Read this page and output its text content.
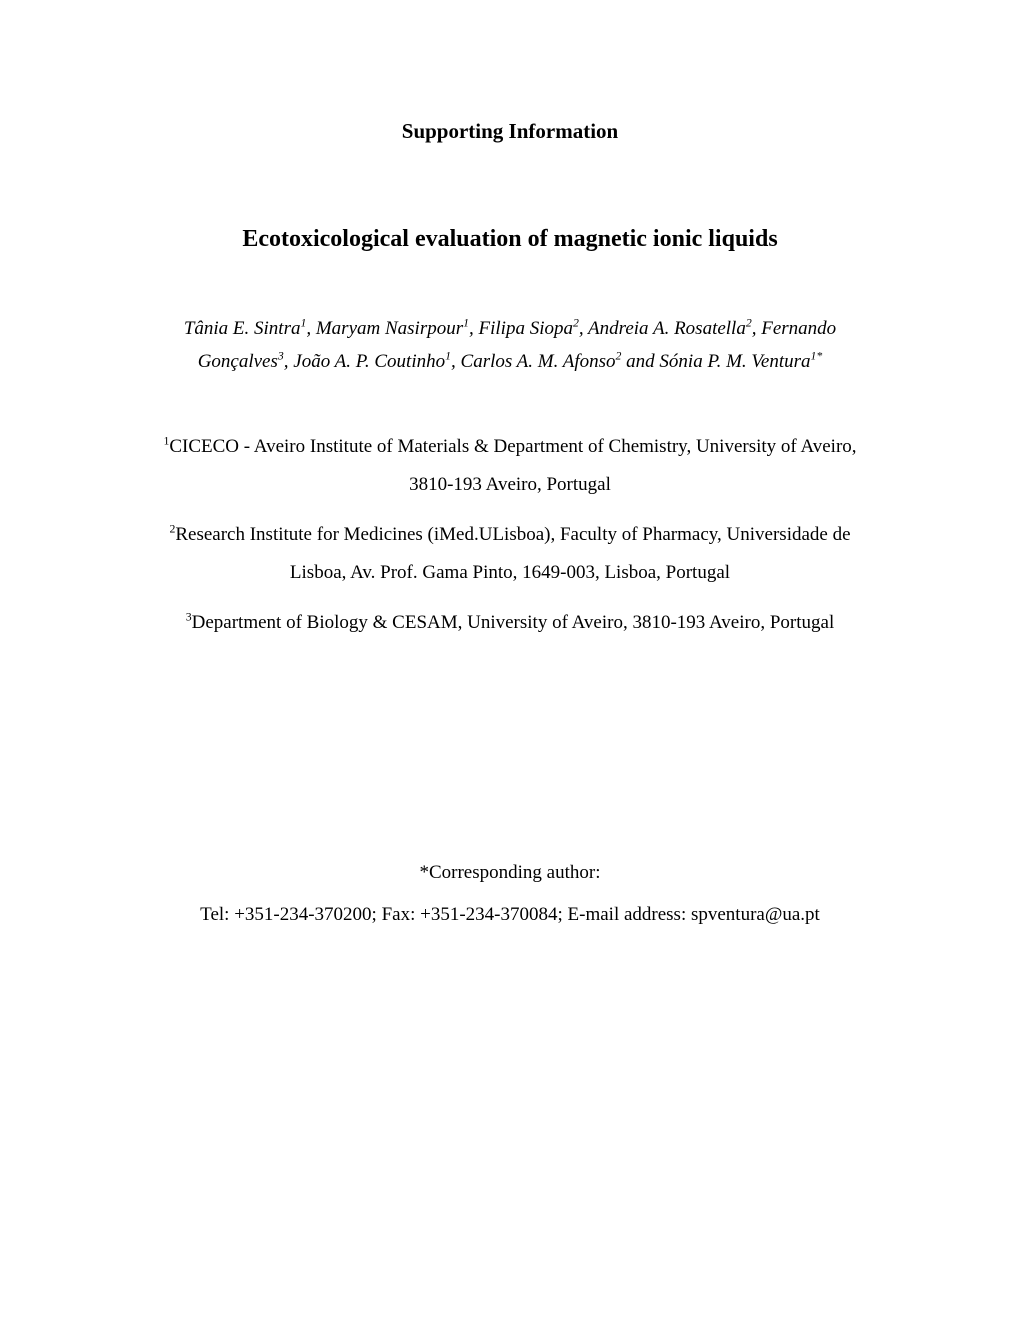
Supporting Information
Ecotoxicological evaluation of magnetic ionic liquids
Tânia E. Sintra$^1$, Maryam Nasirpour$^1$, Filipa Siopa$^2$, Andreia A. Rosatella$^2$, Fernando
Gonçalves$^3$, João A. P. Coutinho$^1$, Carlos A. M. Afonso$^2$ and Sónia P. M. Ventura$^{1*}$
$^1$CICECO - Aveiro Institute of Materials & Department of Chemistry, University of Aveiro,
3810-193 Aveiro, Portugal
$^2$Research Institute for Medicines (iMed.ULisboa), Faculty of Pharmacy, Universidade de
Lisboa, Av. Prof. Gama Pinto, 1649-003, Lisboa, Portugal
$^3$Department of Biology & CESAM, University of Aveiro, 3810-193 Aveiro, Portugal
*Corresponding author:
Tel: +351-234-370200; Fax: +351-234-370084; E-mail address: spventura@ua.pt
